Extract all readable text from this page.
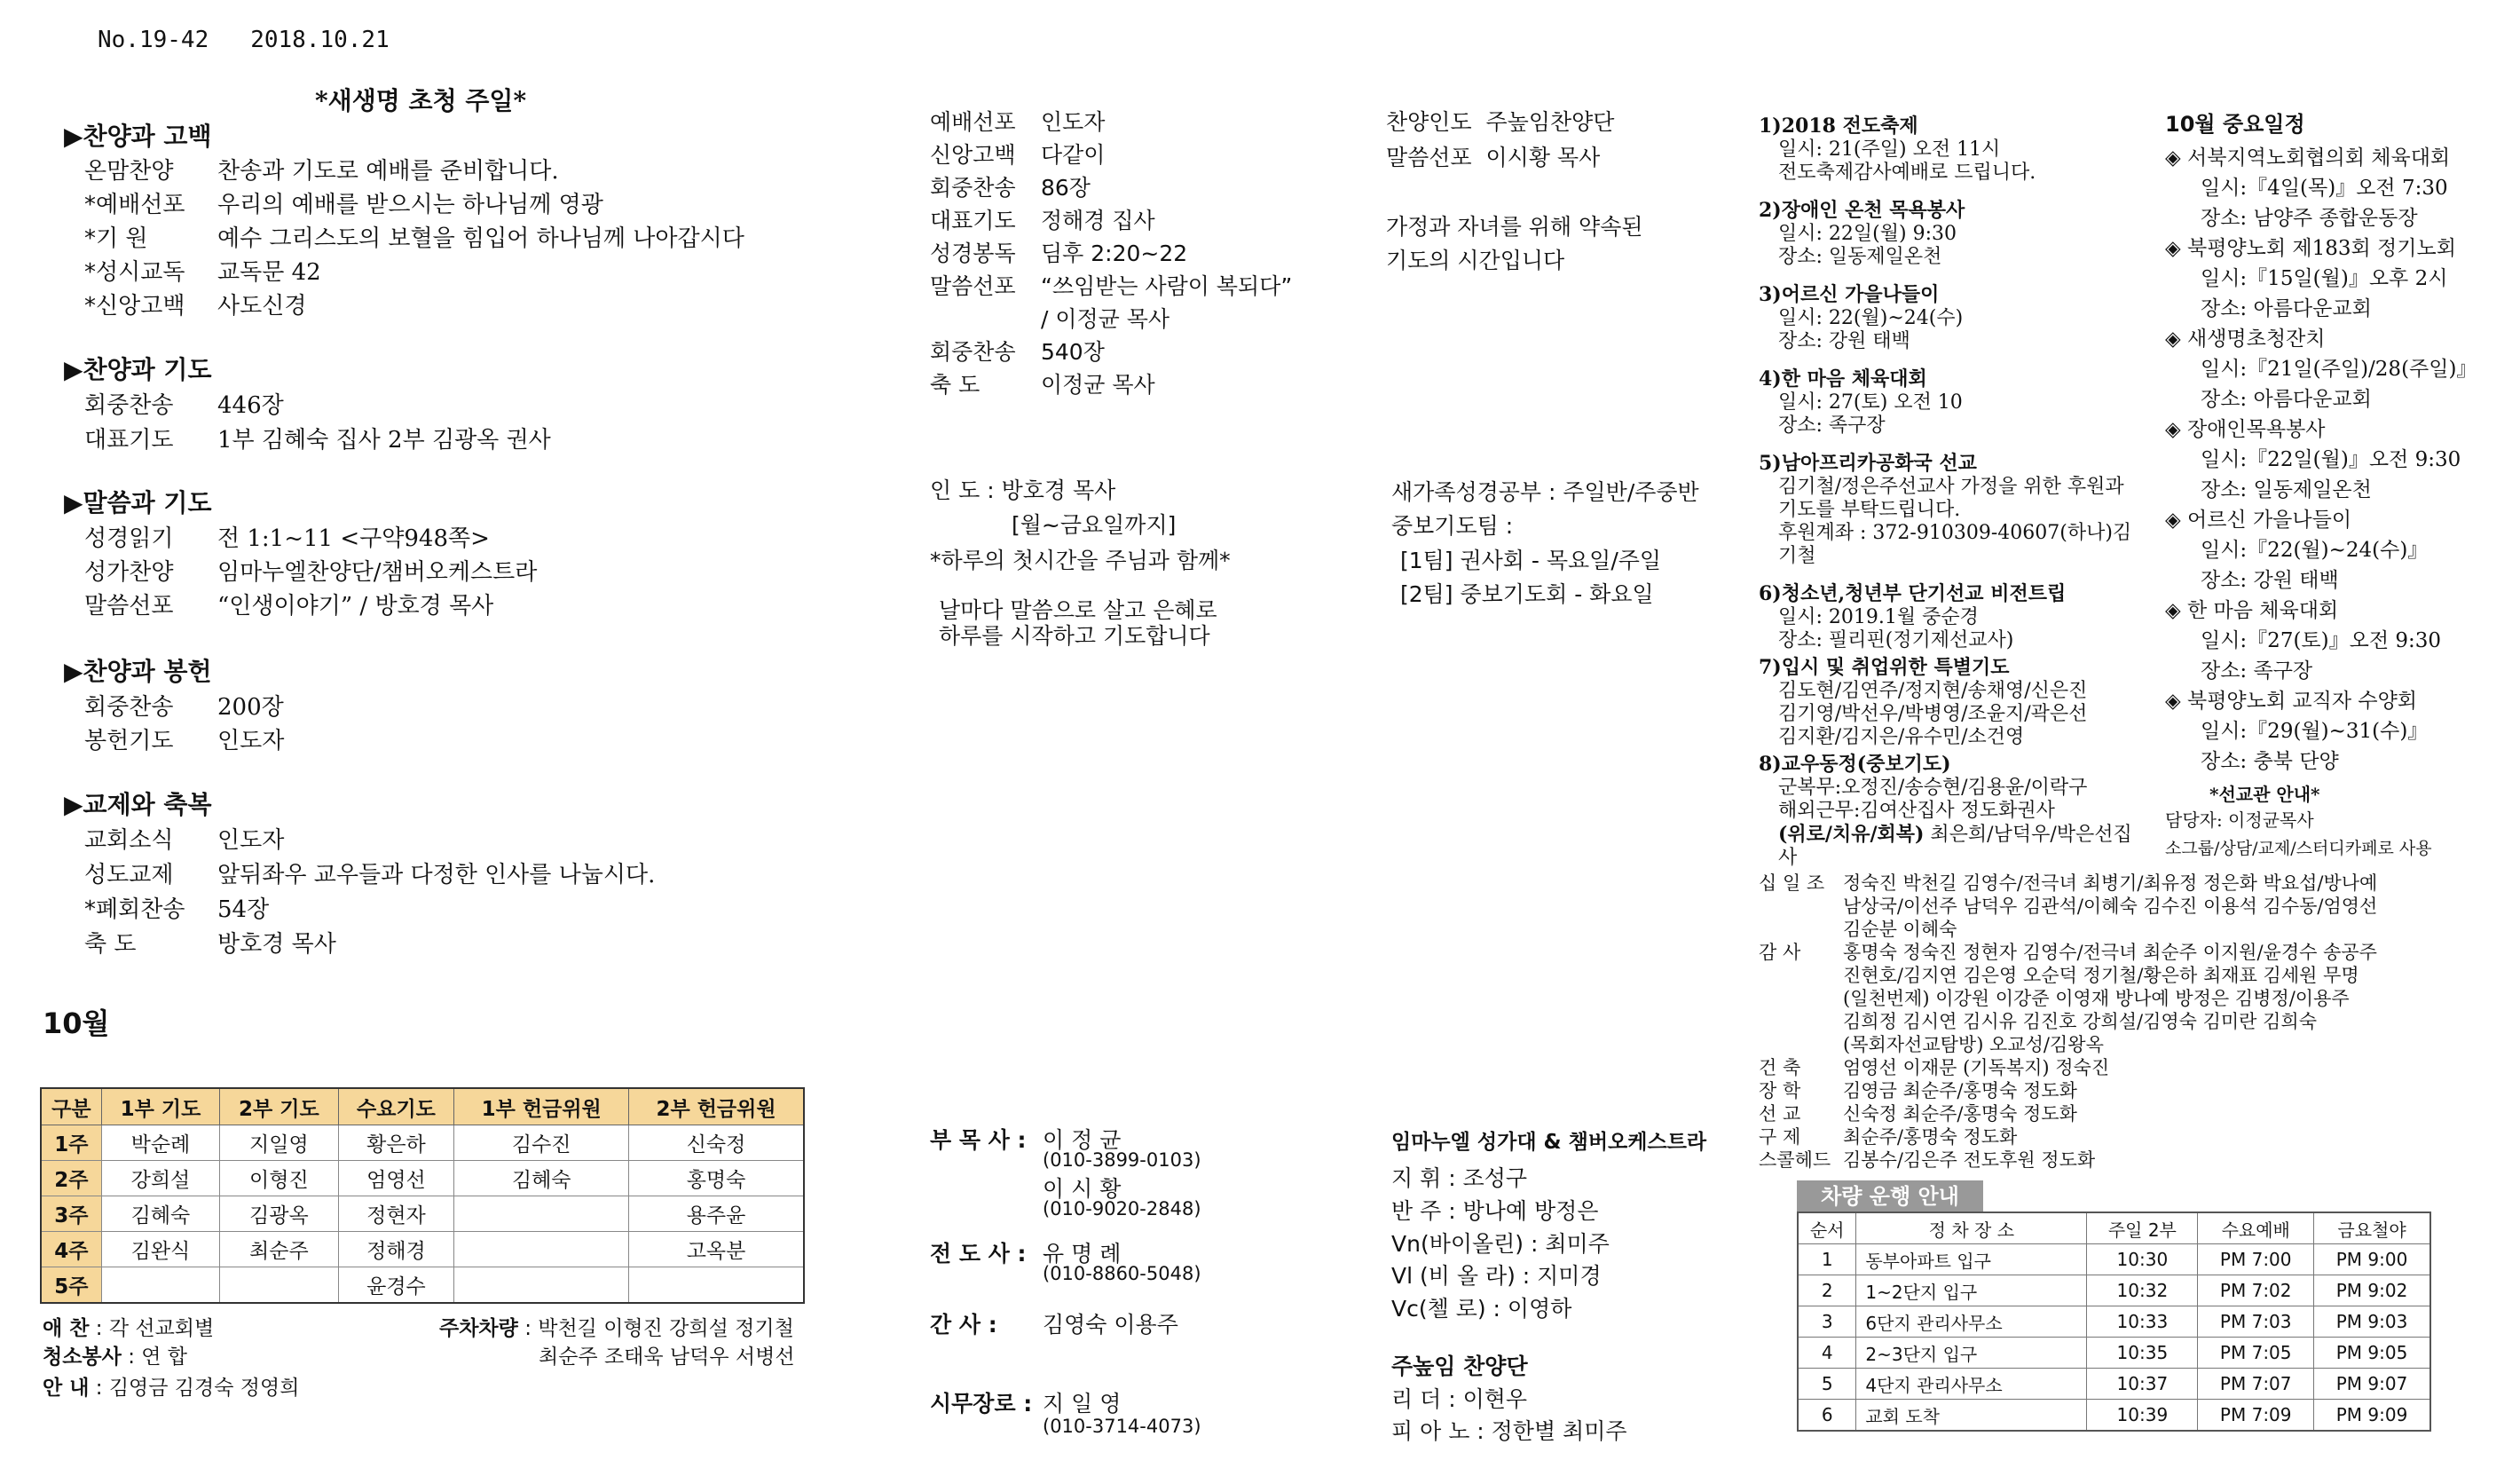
No.19-42 2018.10.21
*새생명 초청 주일*
▶찬양과 고백
온맘찬양	찬송과 기도로 예배를 준비합니다.
*예배선포	우리의 예배를 받으시는 하나님께 영광
*기 원	예수 그리스도의 보혈을 힘입어 하나님께 나아갑시다
*성시교독	교독문 42
*신앙고백	사도신경
▶찬양과 기도
회중찬송	446장
대표기도	1부 김혜숙 집사 2부 김광옥 권사
▶말씀과 기도
성경읽기	전 1:1~11 <구약948쪽>
성가찬양	임마누엘찬양단/챔버오케스트라
말씀선포	“인생이야기” / 방호경 목사
▶찬양과 봉헌
회중찬송	200장
봉헌기도	인도자
▶교제와 축복
교회소식	인도자
성도교제	앞뒤좌우 교우들과 다정한 인사를 나눕시다.
*폐회찬송	54장
축 도	방호경 목사
10월
구분	1부 기도	2부 기도	수요기도	1부 헌금위원	2부 헌금위원
1주	박순례	지일영	황은하	김수진	신숙정
2주	강희설	이형진	엄영선	김혜숙	홍명숙
3주	김혜숙	김광옥	정현자		용주윤
4주	김완식	최순주	정해경		고옥분
5주			윤경수		
애 찬 : 각 선교회별	주차차량 : 박천길 이형진 강희설 정기철
최순주 조태욱 남덕우 서병선
청소봉사 : 연 합
안 내 : 김영금 김경숙 정영희
예배선포	인도자
신앙고백	다같이
회중찬송	86장
대표기도	정해경 집사
성경봉독	딤후 2:20~22
말씀선포	“쓰임받는 사람이 복되다”
/ 이정균 목사
회중찬송	540장
축 도	이정균 목사
인 도 : 방호경 목사
[월~금요일까지]
*하루의 첫시간을 주님과 함께*
날마다 말씀으로 살고 은혜로
하루를 시작하고 기도합니다
부 목 사 : 이 정 균
(010-3899-0103)
이 시 황
(010-9020-2848)
전 도 사 : 유 명 례
(010-8860-5048)
간 사 : 김영숙 이용주
시무장로 : 지 일 영
(010-3714-4073)
찬양인도 주높임찬양단
말씀선포 이시황 목사
가정과 자녀를 위해 약속된
기도의 시간입니다
새가족성경공부 : 주일반/주중반
중보기도팀 :
[1팀] 권사회 - 목요일/주일
[2팀] 중보기도회 - 화요일
임마누엘 성가대 & 챔버오케스트라
지 휘 : 조성구
반 주 : 방나예 방정은
Vn(바이올린) : 최미주
Vl (비 올 라) : 지미경
Vc(첼 로) : 이영하
주높임 찬양단
리 더 : 이현우
피 아 노 : 정한별 최미주
1)2018 전도축제
일시: 21(주일) 오전 11시
전도축제감사예배로 드립니다.
2)장애인 온천 목욕봉사
일시: 22일(월) 9:30
장소: 일동제일온천
3)어르신 가을나들이
일시: 22(월)~24(수)
장소: 강원 태백
4)한 마음 체육대회
일시: 27(토) 오전 10
장소: 족구장
5)남아프리카공화국 선교
김기철/정은주선교사 가정을 위한 후원과
기도를 부탁드립니다.
후원계좌 : 372-910309-40607(하나)김기철
6)청소년,청년부 단기선교 비전트립
일시: 2019.1월 중순경
장소: 필리핀(정기제선교사)
7)입시 및 취업위한 특별기도
김도현/김연주/정지현/송채영/신은진
김기영/박선우/박병영/조윤지/곽은선
김지환/김지은/유수민/소건영
8)교우동정(중보기도)
군복무:오정진/송승현/김용윤/이락구
해외근무:김여산집사 정도화권사
(위로/치유/회복) 최은희/남덕우/박은선집사
10월 중요일정
◈ 서북지역노회협의회 체육대회
일시:『4일(목)』오전 7:30
장소: 남양주 종합운동장
◈ 북평양노회 제183회 정기노회
일시:『15일(월)』오후 2시
장소: 아름다운교회
◈ 새생명초청잔치
일시:『21일(주일)/28(주일)』
장소: 아름다운교회
◈ 장애인목욕봉사
일시:『22일(월)』오전 9:30
장소: 일동제일온천
◈ 어르신 가을나들이
일시:『22(월)~24(수)』
장소: 강원 태백
◈ 한 마음 체육대회
일시:『27(토)』오전 9:30
장소: 족구장
◈ 북평양노회 교직자 수양회
일시:『29(월)~31(수)』
장소: 충북 단양
*선교관 안내*
담당자: 이정균목사
소그룹/상담/교제/스터디카페로 사용
십 일 조 정숙진 박천길 김영수/전극녀 최병기/최유정 정은화 박요섭/방나예
남상국/이선주 남덕우 김관석/이혜숙 김수진 이용석 김수동/엄영선
김순분 이혜숙
감 사 홍명숙 정숙진 정현자 김영수/전극녀 최순주 이지원/윤경수 송공주
진현호/김지연 김은영 오순덕 정기철/황은하 최재표 김세원 무명
(일천번제) 이강원 이강준 이영재 방나예 방정은 김병정/이용주
김희정 김시연 김시유 김진호 강희설/김영숙 김미란 김희숙
(목회자선교탐방) 오교성/김왕옥
건 축 엄영선 이재문 (기독복지) 정숙진
장 학 김영금 최순주/홍명숙 정도화
선 교 신숙정 최순주/홍명숙 정도화
구 제 최순주/홍명숙 정도화
스콜헤드 김봉수/김은주 전도후원 정도화
차량 운행 안내
순서	정 차 장 소	주일 2부	수요예배	금요철야
1	동부아파트 입구	10:30	PM 7:00	PM 9:00
2	1~2단지 입구	10:32	PM 7:02	PM 9:02
3	6단지 관리사무소	10:33	PM 7:03	PM 9:03
4	2~3단지 입구	10:35	PM 7:05	PM 9:05
5	4단지 관리사무소	10:37	PM 7:07	PM 9:07
6	교회 도착	10:39	PM 7:09	PM 9:09
